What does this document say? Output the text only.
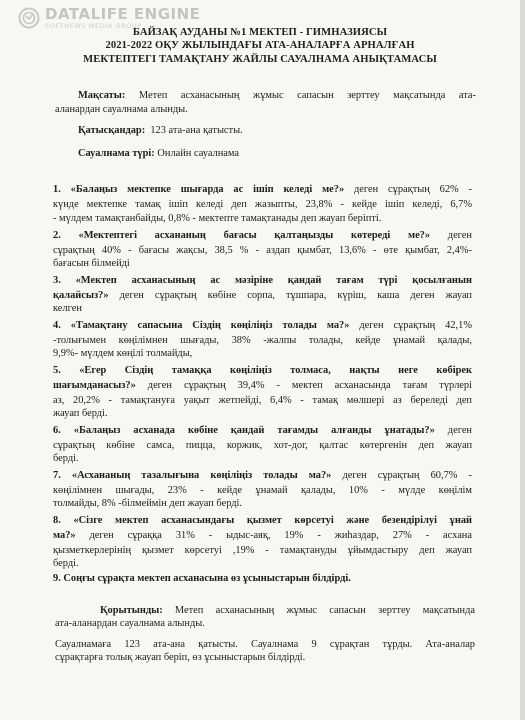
DATALIFE ENGINE
SOFTNEWS MEDIA GROUP
БАЙЗАҚ АУДАНЫ №1 МЕКТЕП - ГИМНАЗИЯСЫ
2021-2022 ОҚУ ЖЫЛЫНДАҒЫ АТА-АНАЛАРҒА АРНАЛҒАН
МЕКТЕПТЕГІ ТАМАҚТАНУ ЖАЙЛЫ САУАЛНАМА АНЫҚТАМАСЫ
Мақсаты: Метеп асханасының жұмыс сапасын зерттеу мақсатында ата-
аланардан сауалнама алынды.
Қатысқандар: 123 ата-ана қатысты.
Сауалнама түрі: Онлайн сауалнама
1. «Балаңыз мектепке шығарда ас ішіп келеді ме?» деген сұрақтың 62% -
күнде мектепке тамақ ішіп келеді деп жазыпты, 23,8% - кейде ішіп келеді, 6,7%
- мүлдем тамақтанбайды, 0,8% - мектепте тамақтанады деп жауап беріпті.
2. «Мектептегі асхананың бағасы қалтаңызды көтереді ме?» деген
сұрақтың 40% - бағасы жақсы, 38,5 % - аздап қымбат, 13,6% - өте қымбат, 2,4%-
бағасын білмейді
3. «Мектеп асханасының ас мәзіріне қандай тағам түрі қосылғанын
қалайсыз?» деген сұрақтың көбіне сорпа, тұшпара, күріш, каша деген жауап
келген
4. «Тамақтану сапасына Сіздің көңіліңіз толады ма?» деген сұрақтың 42,1%
-толығымен көңілімнен шығады, 38% -жалпы толады, кейде ұнамай қалады,
9,9%- мүлдем көңілі толмайды,
5. «Егер Сіздің тамаққа көңіліңіз толмаса, нақты неге көбірек
шағымданасыз?» деген сұрақтың 39,4% - мектеп асханасында тағам түрлері
аз, 20,2% - тамақтануға уақыт жетпейді, 6,4% - тамақ мөлшері аз береледі деп
жауап берді.
6. «Балаңыз асханада көбіне қандай тағамды алғанды ұнатады?» деген
сұрақтың көбіне самса, пицца, коржик, хот-дог, қалтас көтергенін деп жауап
берді.
7. «Асхананың тазалығына көңіліңіз толады ма?» деген сұрақтың 60,7% -
көңілімнен шығады, 23% - кейде ұнамай қалады, 10% - мүлде көңілім
толмайды, 8% -білмеймін деп жауап берді.
8. «Сізге мектеп асханасындағы қызмет көрсетуі және безендірілуі ұнай
ма?» деген сұраққа 31% - ыдыс-аяқ, 19% - жиһаздар, 27% - асхана
қызметкерлерінің қызмет көрсетуі ,19% - тамақтануды ұйымдастыру деп жауап
берді.
9. Соңғы сұрақта мектеп асханасына өз ұсыныстарын білдірді.
Қорытынды: Метеп асханасының жұмыс сапасын зерттеу мақсатында
ата-аланардан сауалнама алынды.
Сауалнамаға 123 ата-ана қатысты. Сауалнама 9 сұрақтан тұрды. Ата-аналар
сұрақтарға толық жауап беріп, өз ұсыныстарын білдірді.
